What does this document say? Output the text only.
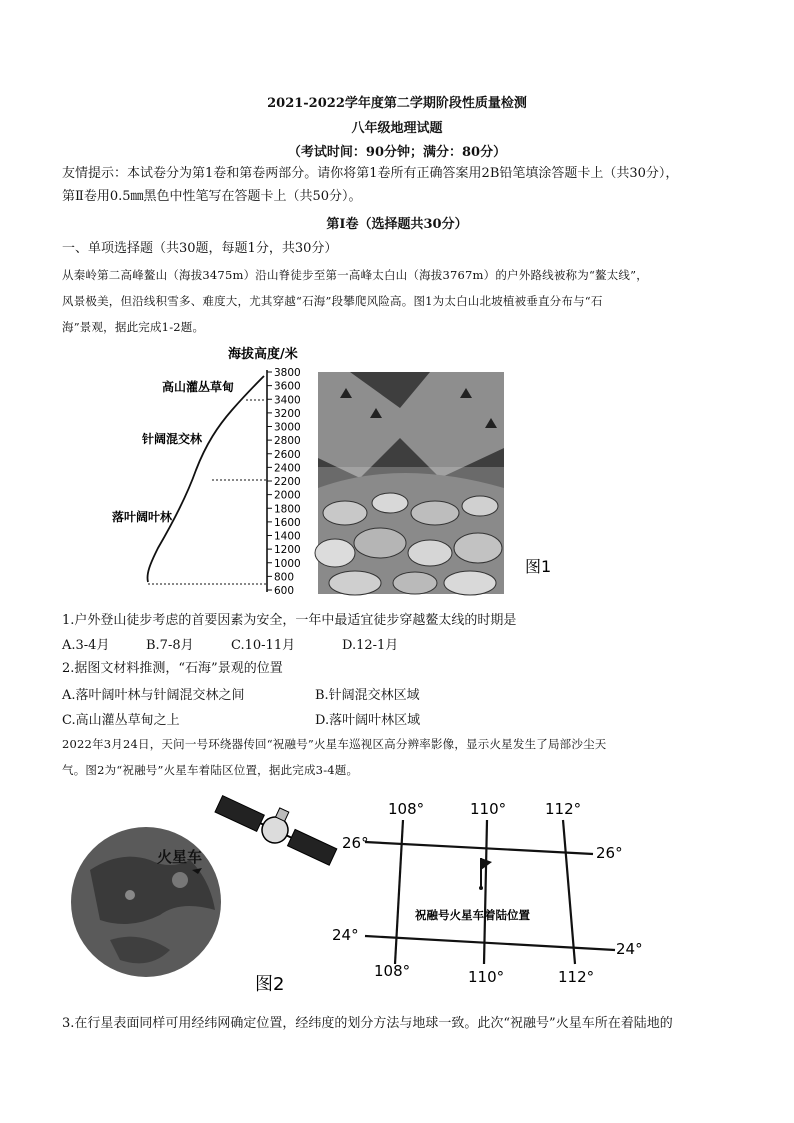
2021-2022学年度第二学期阶段性质量检测
八年级地理试题
（考试时间：90分钟；满分：80分）
友情提示：本试卷分为第1卷和第卷两部分。请你将第1卷所有正确答案用2B铅笔填涂答题卡上（共30分），
第Ⅱ卷用0.5㎜黑色中性笔写在答题卡上（共50分）。
第Ⅰ卷（选择题共30分）
一、单项选择题（共30题，每题1分，共30分）
从秦岭第二高峰鳌山（海拔3475m）沿山脊徒步至第一高峰太白山（海拔3767m）的户外路线被称为“鳌太线”，
风景极美，但沿线积雪多、难度大，尤其穿越“石海”段攀爬风险高。图1为太白山北坡植被垂直分布与“石
海”景观，据此完成1-2题。
海拔高度/米
3800
3600
3400
3200
3000
2800
2600
2400
2200
2000
1800
1600
1400
1200
1000
800
600
高山灌丛草甸
针阔混交林
落叶阔叶林
图1
1.户外登山徒步考虑的首要因素为安全，一年中最适宜徒步穿越鳌太线的时期是
A.3-4月	B.7-8月	C.10-11月	D.12-1月
2.据图文材料推测，“石海”景观的位置
A.落叶阔叶林与针阔混交林之间	B.针阔混交林区域
C.高山灌丛草甸之上	D.落叶阔叶林区域
2022年3月24日，天问一号环绕器传回“祝融号”火星车巡视区高分辨率影像，显示火星发生了局部沙尘天
气。图2为“祝融号”火星车着陆区位置，据此完成3-4题。
火星车
图2
祝融号火星车着陆位置
108°	110°	112°
108°	110°	112°
26°
26°
24°
24°
3.在行星表面同样可用经纬网确定位置，经纬度的划分方法与地球一致。此次“祝融号”火星车所在着陆地的
